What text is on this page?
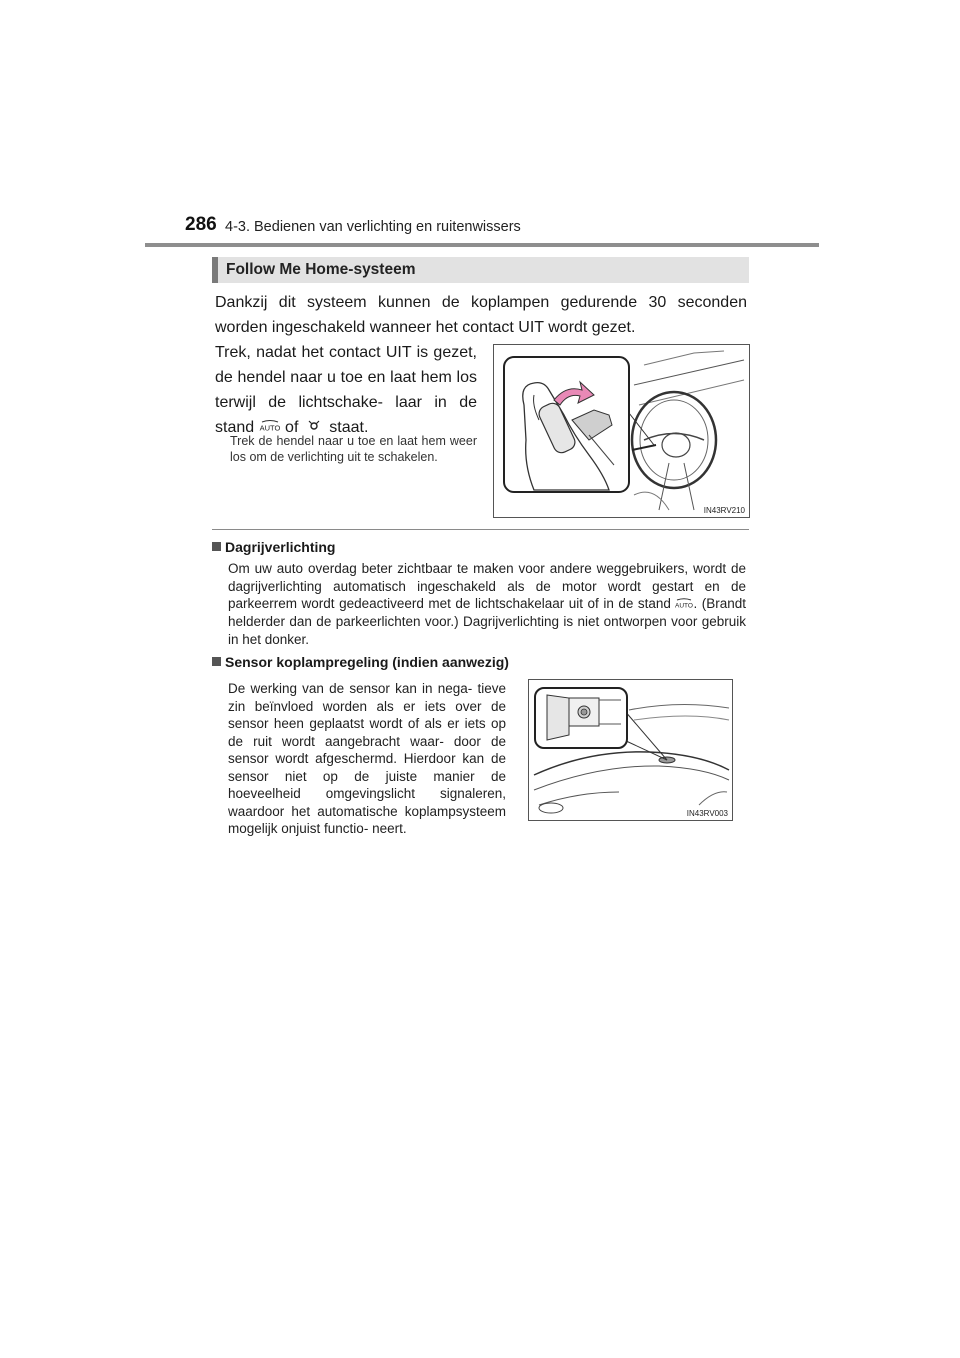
286 4-3. Bedienen van verlichting en ruitenwissers
Follow Me Home-systeem
Dankzij dit systeem kunnen de koplampen gedurende 30 seconden worden ingeschakeld wanneer het contact UIT wordt gezet.
Trek, nadat het contact UIT is gezet, de hendel naar u toe en laat hem los terwijl de lichtschake- laar in de stand AUTO of staat.
Trek de hendel naar u toe en laat hem weer los om de verlichting uit te schakelen.
IN43RV210
Dagrijverlichting
Om uw auto overdag beter zichtbaar te maken voor andere weggebruikers, wordt de dagrijverlichting automatisch ingeschakeld als de motor wordt gestart en de parkeerrem wordt gedeactiveerd met de lichtschakelaar uit of in de stand AUTO . (Brandt helderder dan de parkeerlichten voor.) Dagrijverlichting is niet ontworpen voor gebruik in het donker.
Sensor koplampregeling (indien aanwezig)
De werking van de sensor kan in nega- tieve zin beïnvloed worden als er iets over de sensor heen geplaatst wordt of als er iets op de ruit wordt aangebracht waar- door de sensor wordt afgeschermd. Hierdoor kan de sensor niet op de juiste manier de hoeveelheid omgevingslicht signaleren, waardoor het automatische koplampsysteem mogelijk onjuist functio- neert.
IN43RV003
